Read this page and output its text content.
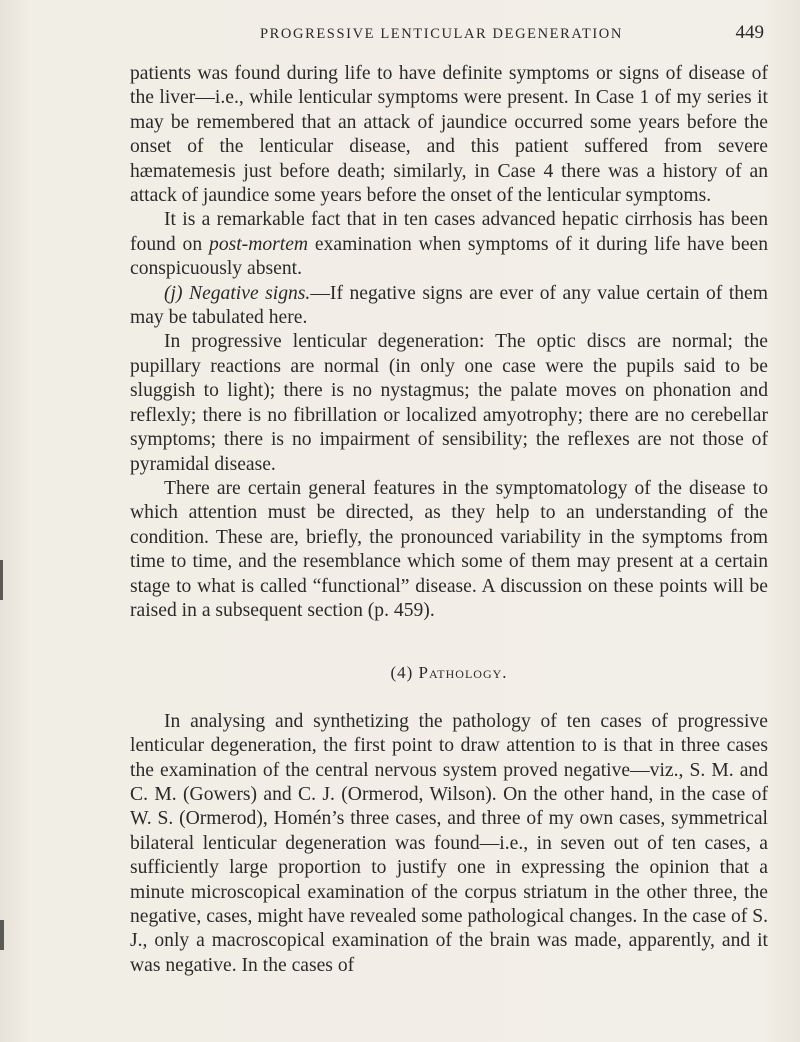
PROGRESSIVE LENTICULAR DEGENERATION	449

patients was found during life to have definite symptoms or signs of disease of the liver—i.e., while lenticular symptoms were present. In Case 1 of my series it may be remembered that an attack of jaundice occurred some years before the onset of the lenticular disease, and this patient suffered from severe hæmatemesis just before death; similarly, in Case 4 there was a history of an attack of jaundice some years before the onset of the lenticular symptoms.

It is a remarkable fact that in ten cases advanced hepatic cirrhosis has been found on post-mortem examination when symptoms of it during life have been conspicuously absent.

(j) Negative signs.—If negative signs are ever of any value certain of them may be tabulated here.

In progressive lenticular degeneration: The optic discs are normal; the pupillary reactions are normal (in only one case were the pupils said to be sluggish to light); there is no nystagmus; the palate moves on phonation and reflexly; there is no fibrillation or localized amyotrophy; there are no cerebellar symptoms; there is no impairment of sensibility; the reflexes are not those of pyramidal disease.

There are certain general features in the symptomatology of the disease to which attention must be directed, as they help to an understanding of the condition. These are, briefly, the pronounced variability in the symptoms from time to time, and the resemblance which some of them may present at a certain stage to what is called “functional” disease. A discussion on these points will be raised in a subsequent section (p. 459).

(4) Pathology.

In analysing and synthetizing the pathology of ten cases of progressive lenticular degeneration, the first point to draw attention to is that in three cases the examination of the central nervous system proved negative—viz., S. M. and C. M. (Gowers) and C. J. (Ormerod, Wilson). On the other hand, in the case of W. S. (Ormerod), Homén’s three cases, and three of my own cases, symmetrical bilateral lenticular degeneration was found—i.e., in seven out of ten cases, a sufficiently large proportion to justify one in expressing the opinion that a minute microscopical examination of the corpus striatum in the other three, the negative, cases, might have revealed some pathological changes. In the case of S. J., only a macroscopical examination of the brain was made, apparently, and it was negative. In the cases of
